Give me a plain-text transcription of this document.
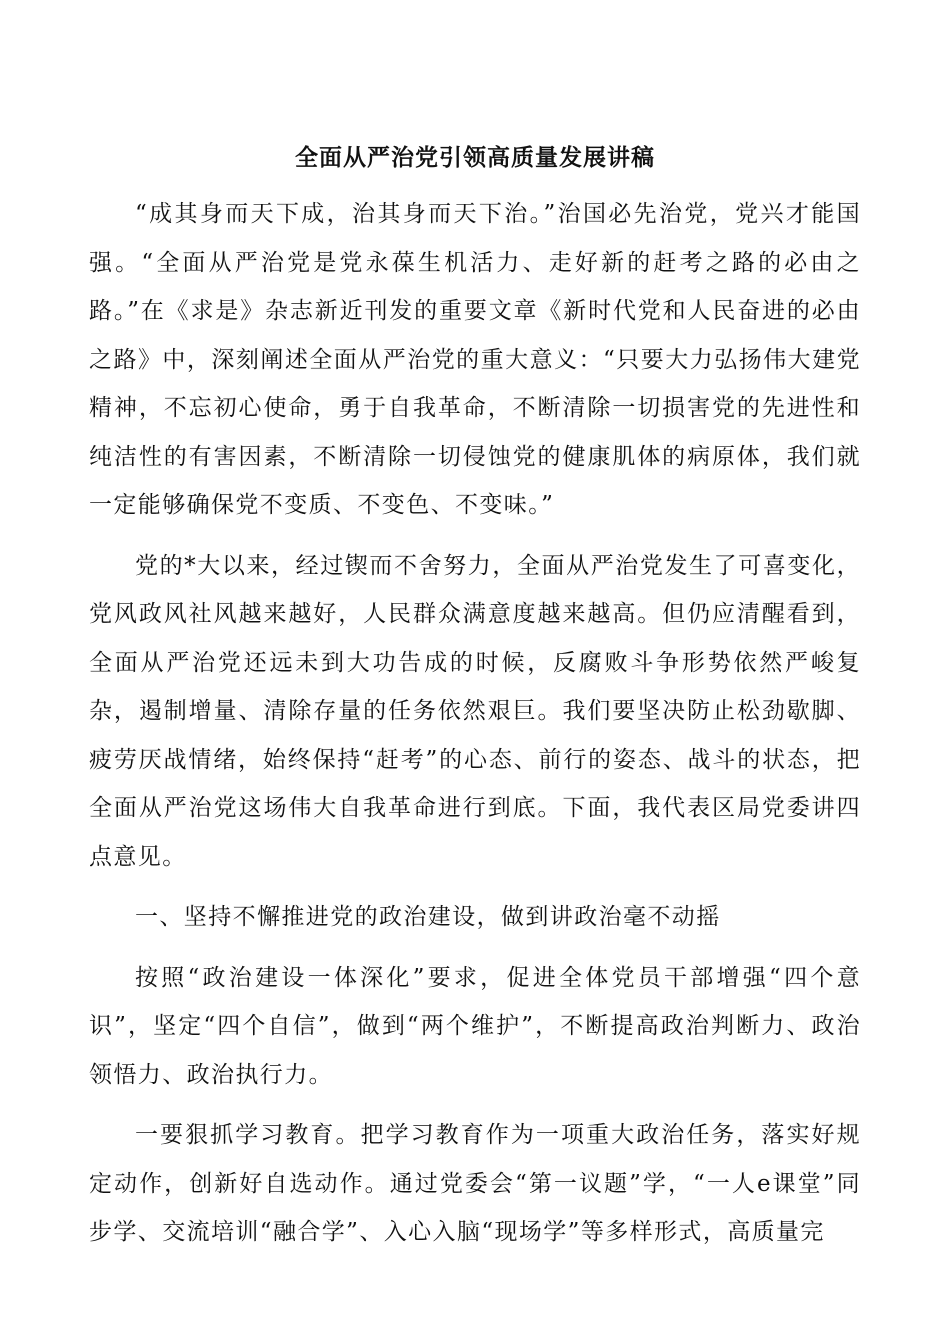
全面从严治党引领高质量发展讲稿

“成其身而天下成，治其身而天下治。”治国必先治党，党兴才能国强。“全面从严治党是党永葆生机活力、走好新的赶考之路的必由之路。”在《求是》杂志新近刊发的重要文章《新时代党和人民奋进的必由之路》中，深刻阐述全面从严治党的重大意义：“只要大力弘扬伟大建党精神，不忘初心使命，勇于自我革命，不断清除一切损害党的先进性和纯洁性的有害因素，不断清除一切侵蚀党的健康肌体的病原体，我们就一定能够确保党不变质、不变色、不变味。”

党的*大以来，经过锲而不舍努力，全面从严治党发生了可喜变化，党风政风社风越来越好，人民群众满意度越来越高。但仍应清醒看到，全面从严治党还远未到大功告成的时候，反腐败斗争形势依然严峻复杂，遏制增量、清除存量的任务依然艰巨。我们要坚决防止松劲歇脚、疲劳厌战情绪，始终保持“赶考”的心态、前行的姿态、战斗的状态，把全面从严治党这场伟大自我革命进行到底。下面，我代表区局党委讲四点意见。

一、坚持不懈推进党的政治建设，做到讲政治毫不动摇

按照“政治建设一体深化”要求，促进全体党员干部增强“四个意识”，坚定“四个自信”，做到“两个维护”，不断提高政治判断力、政治领悟力、政治执行力。

一要狠抓学习教育。把学习教育作为一项重大政治任务，落实好规定动作，创新好自选动作。通过党委会“第一议题”学，“一人e课堂”同步学、交流培训“融合学”、入心入脑“现场学”等多样形式，高质量完
